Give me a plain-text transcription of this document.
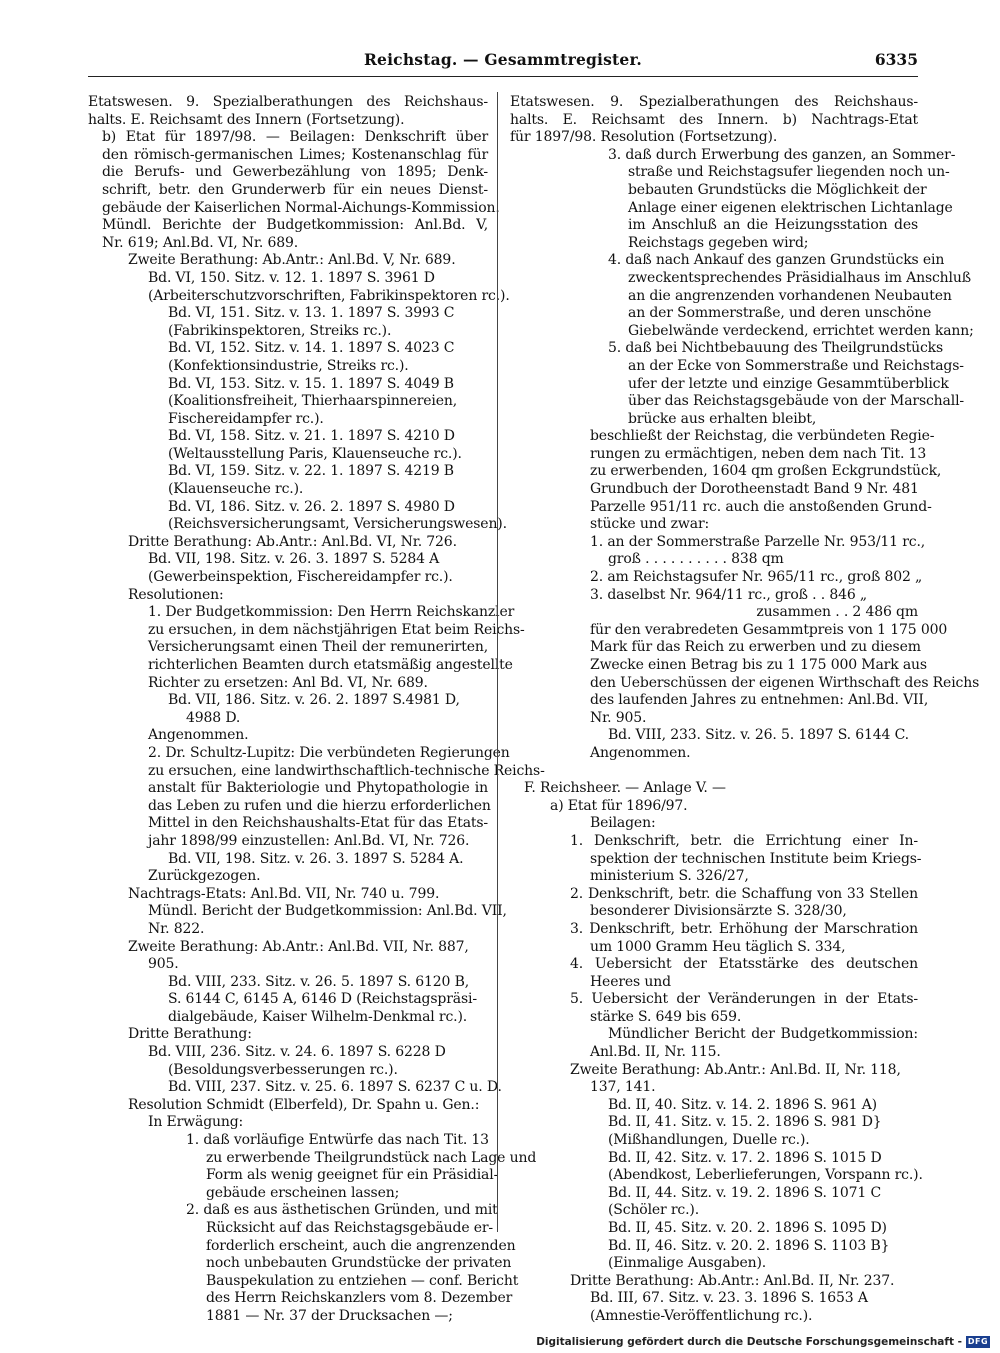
Reichstag. — Gesammtregister.	6335
Etatswesen. 9. Spezialberathungen des Reichshaus-
halts. E. Reichsamt des Innern (Fortsetzung).
b) Etat für 1897/98. — Beilagen: Denkschrift über
den römisch-germanischen Limes; Kostenanschlag für
die Berufs- und Gewerbezählung von 1895; Denk-
schrift, betr. den Grunderwerb für ein neues Dienst-
gebäude der Kaiserlichen Normal-Aichungs-Kommission.
Mündl. Berichte der Budgetkommission: Anl.Bd. V,
Nr. 619; Anl.Bd. VI, Nr. 689.
Zweite Berathung: Ab.Antr.: Anl.Bd. V, Nr. 689.
Bd. VI, 150. Sitz. v. 12. 1. 1897 S. 3961 D
(Arbeiterschutzvorschriften, Fabrikinspektoren rc.).
Bd. VI, 151. Sitz. v. 13. 1. 1897 S. 3993 C
(Fabrikinspektoren, Streiks rc.).
Bd. VI, 152. Sitz. v. 14. 1. 1897 S. 4023 C
(Konfektionsindustrie, Streiks rc.).
Bd. VI, 153. Sitz. v. 15. 1. 1897 S. 4049 B
(Koalitionsfreiheit, Thierhaarspinnereien,
Fischereidampfer rc.).
Bd. VI, 158. Sitz. v. 21. 1. 1897 S. 4210 D
(Weltausstellung Paris, Klauenseuche rc.).
Bd. VI, 159. Sitz. v. 22. 1. 1897 S. 4219 B
(Klauenseuche rc.).
Bd. VI, 186. Sitz. v. 26. 2. 1897 S. 4980 D
(Reichsversicherungsamt, Versicherungswesen).
Dritte Berathung: Ab.Antr.: Anl.Bd. VI, Nr. 726.
Bd. VII, 198. Sitz. v. 26. 3. 1897 S. 5284 A
(Gewerbeinspektion, Fischereidampfer rc.).
Resolutionen:
1. Der Budgetkommission: Den Herrn Reichskanzler
zu ersuchen, in dem nächstjährigen Etat beim Reichs-
Versicherungsamt einen Theil der remunerirten,
richterlichen Beamten durch etatsmäßig angestellte
Richter zu ersetzen: Anl Bd. VI, Nr. 689.
Bd. VII, 186. Sitz. v. 26. 2. 1897 S.4981 D,
4988 D.
Angenommen.
2. Dr. Schultz-Lupitz: Die verbündeten Regierungen
zu ersuchen, eine landwirthschaftlich-technische Reichs-
anstalt für Bakteriologie und Phytopathologie in
das Leben zu rufen und die hierzu erforderlichen
Mittel in den Reichshaushalts-Etat für das Etats-
jahr 1898/99 einzustellen: Anl.Bd. VI, Nr. 726.
Bd. VII, 198. Sitz. v. 26. 3. 1897 S. 5284 A.
Zurückgezogen.
Nachtrags-Etats: Anl.Bd. VII, Nr. 740 u. 799.
Mündl. Bericht der Budgetkommission: Anl.Bd. VII,
Nr. 822.
Zweite Berathung: Ab.Antr.: Anl.Bd. VII, Nr. 887,
905.
Bd. VIII, 233. Sitz. v. 26. 5. 1897 S. 6120 B,
S. 6144 C, 6145 A, 6146 D (Reichstagspräsi-
dialgebäude, Kaiser Wilhelm-Denkmal rc.).
Dritte Berathung:
Bd. VIII, 236. Sitz. v. 24. 6. 1897 S. 6228 D
(Besoldungsverbesserungen rc.).
Bd. VIII, 237. Sitz. v. 25. 6. 1897 S. 6237 C u. D.
Resolution Schmidt (Elberfeld), Dr. Spahn u. Gen.:
In Erwägung:
1. daß vorläufige Entwürfe das nach Tit. 13
zu erwerbende Theilgrundstück nach Lage und
Form als wenig geeignet für ein Präsidial-
gebäude erscheinen lassen;
2. daß es aus ästhetischen Gründen, und mit
Rücksicht auf das Reichstagsgebäude er-
forderlich erscheint, auch die angrenzenden
noch unbebauten Grundstücke der privaten
Bauspekulation zu entziehen — conf. Bericht
des Herrn Reichskanzlers vom 8. Dezember
1881 — Nr. 37 der Drucksachen —;
Etatswesen. 9. Spezialberathungen des Reichshaus-
halts. E. Reichsamt des Innern. b) Nachtrags-Etat
für 1897/98. Resolution (Fortsetzung).
3. daß durch Erwerbung des ganzen, an Sommer-
straße und Reichstagsufer liegenden noch un-
bebauten Grundstücks die Möglichkeit der
Anlage einer eigenen elektrischen Lichtanlage
im Anschluß an die Heizungsstation des
Reichstags gegeben wird;
4. daß nach Ankauf des ganzen Grundstücks ein
zweckentsprechendes Präsidialhaus im Anschluß
an die angrenzenden vorhandenen Neubauten
an der Sommerstraße, und deren unschöne
Giebelwände verdeckend, errichtet werden kann;
5. daß bei Nichtbebauung des Theilgrundstücks
an der Ecke von Sommerstraße und Reichstags-
ufer der letzte und einzige Gesammtüberblick
über das Reichstagsgebäude von der Marschall-
brücke aus erhalten bleibt,
beschließt der Reichstag, die verbündeten Regie-
rungen zu ermächtigen, neben dem nach Tit. 13
zu erwerbenden, 1604 qm großen Eckgrundstück,
Grundbuch der Dorotheenstadt Band 9 Nr. 481
Parzelle 951/11 rc. auch die anstoßenden Grund-
stücke und zwar:
1. an der Sommerstraße Parzelle Nr. 953/11 rc.,
groß . . . . . . . . . . 838 qm
2. am Reichstagsufer Nr. 965/11 rc., groß 802 „
3. daselbst Nr. 964/11 rc., groß . . 846 „
zusammen . . 2 486 qm
für den verabredeten Gesammtpreis von 1 175 000
Mark für das Reich zu erwerben und zu diesem
Zwecke einen Betrag bis zu 1 175 000 Mark aus
den Ueberschüssen der eigenen Wirthschaft des Reichs
des laufenden Jahres zu entnehmen: Anl.Bd. VII,
Nr. 905.
Bd. VIII, 233. Sitz. v. 26. 5. 1897 S. 6144 C.
Angenommen.
F. Reichsheer. — Anlage V. —
a) Etat für 1896/97.
Beilagen:
1. Denkschrift, betr. die Errichtung einer In-
spektion der technischen Institute beim Kriegs-
ministerium S. 326/27,
2. Denkschrift, betr. die Schaffung von 33 Stellen
besonderer Divisionsärzte S. 328/30,
3. Denkschrift, betr. Erhöhung der Marschration
um 1000 Gramm Heu täglich S. 334,
4. Uebersicht der Etatsstärke des deutschen
Heeres und
5. Uebersicht der Veränderungen in der Etats-
stärke S. 649 bis 659.
Mündlicher Bericht der Budgetkommission:
Anl.Bd. II, Nr. 115.
Zweite Berathung: Ab.Antr.: Anl.Bd. II, Nr. 118,
137, 141.
Bd. II, 40. Sitz. v. 14. 2. 1896 S. 961 A)
Bd. II, 41. Sitz. v. 15. 2. 1896 S. 981 D}
(Mißhandlungen, Duelle rc.).
Bd. II, 42. Sitz. v. 17. 2. 1896 S. 1015 D
(Abendkost, Leberlieferungen, Vorspann rc.).
Bd. II, 44. Sitz. v. 19. 2. 1896 S. 1071 C
(Schöler rc.).
Bd. II, 45. Sitz. v. 20. 2. 1896 S. 1095 D)
Bd. II, 46. Sitz. v. 20. 2. 1896 S. 1103 B}
(Einmalige Ausgaben).
Dritte Berathung: Ab.Antr.: Anl.Bd. II, Nr. 237.
Bd. III, 67. Sitz. v. 23. 3. 1896 S. 1653 A
(Amnestie-Veröffentlichung rc.).
Digitalisierung gefördert durch die Deutsche Forschungsgemeinschaft - DFG
